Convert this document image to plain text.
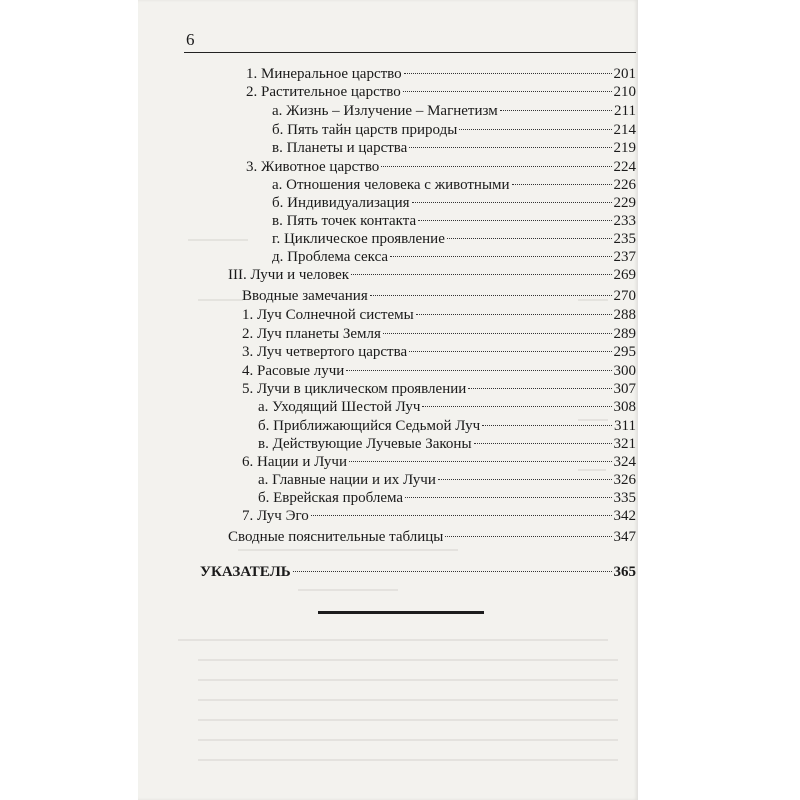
6
1. Минеральное царство	201
2. Растительное царство	210
а. Жизнь – Излучение – Магнетизм	211
б. Пять тайн царств природы	214
в. Планеты и царства	219
3. Животное царство	224
а. Отношения человека с животными	226
б. Индивидуализация	229
в. Пять точек контакта	233
г. Циклическое проявление	235
д. Проблема секса	237
III. Лучи и человек	269
Вводные замечания	270
1. Луч Солнечной системы	288
2. Луч планеты Земля	289
3. Луч четвертого царства	295
4. Расовые лучи	300
5. Лучи в циклическом проявлении	307
а. Уходящий Шестой Луч	308
б. Приближающийся Седьмой Луч	311
в. Действующие Лучевые Законы	321
6. Нации и Лучи	324
а. Главные нации и их Лучи	326
б. Еврейская проблема	335
7. Луч Эго	342
Сводные пояснительные таблицы	347
УКАЗАТЕЛЬ	365
